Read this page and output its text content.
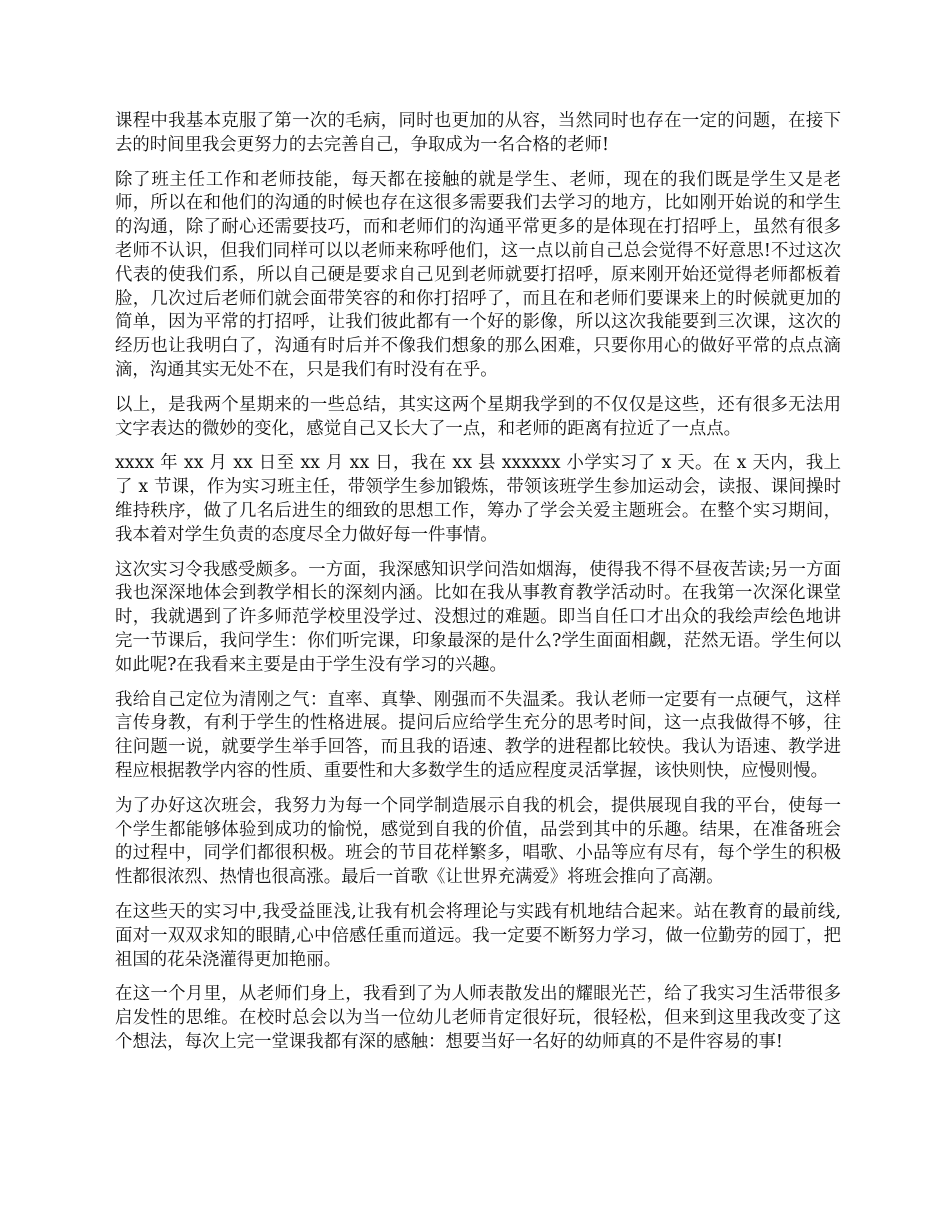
课程中我基本克服了第一次的毛病，同时也更加的从容，当然同时也存在一定的问题，在接下去的时间里我会更努力的去完善自己，争取成为一名合格的老师!

除了班主任工作和老师技能，每天都在接触的就是学生、老师，现在的我们既是学生又是老师，所以在和他们的沟通的时候也存在这很多需要我们去学习的地方，比如刚开始说的和学生的沟通，除了耐心还需要技巧，而和老师们的沟通平常更多的是体现在打招呼上，虽然有很多老师不认识，但我们同样可以以老师来称呼他们，这一点以前自己总会觉得不好意思!不过这次代表的使我们系，所以自己硬是要求自己见到老师就要打招呼，原来刚开始还觉得老师都板着脸，几次过后老师们就会面带笑容的和你打招呼了，而且在和老师们要课来上的时候就更加的简单，因为平常的打招呼，让我们彼此都有一个好的影像，所以这次我能要到三次课，这次的经历也让我明白了，沟通有时后并不像我们想象的那么困难，只要你用心的做好平常的点点滴滴，沟通其实无处不在，只是我们有时没有在乎。

以上，是我两个星期来的一些总结，其实这两个星期我学到的不仅仅是这些，还有很多无法用文字表达的微妙的变化，感觉自己又长大了一点，和老师的距离有拉近了一点点。

xxxx 年 xx 月 xx 日至 xx 月 xx 日，我在 xx 县 xxxxxx 小学实习了 x 天。在 x 天内，我上了 x 节课，作为实习班主任，带领学生参加锻炼，带领该班学生参加运动会，读报、课间操时维持秩序，做了几名后进生的细致的思想工作，筹办了学会关爱主题班会。在整个实习期间，我本着对学生负责的态度尽全力做好每一件事情。

这次实习令我感受颇多。一方面，我深感知识学问浩如烟海，使得我不得不昼夜苦读;另一方面我也深深地体会到教学相长的深刻内涵。比如在我从事教育教学活动时。在我第一次深化课堂时，我就遇到了许多师范学校里没学过、没想过的难题。即当自任口才出众的我绘声绘色地讲完一节课后，我问学生：你们听完课，印象最深的是什么?学生面面相觑，茫然无语。学生何以如此呢?在我看来主要是由于学生没有学习的兴趣。

我给自己定位为清刚之气：直率、真挚、刚强而不失温柔。我认老师一定要有一点硬气，这样言传身教，有利于学生的性格进展。提问后应给学生充分的思考时间，这一点我做得不够，往往问题一说，就要学生举手回答，而且我的语速、教学的进程都比较快。我认为语速、教学进程应根据教学内容的性质、重要性和大多数学生的适应程度灵活掌握，该快则快，应慢则慢。

为了办好这次班会，我努力为每一个同学制造展示自我的机会，提供展现自我的平台，使每一个学生都能够体验到成功的愉悦，感觉到自我的价值，品尝到其中的乐趣。结果，在准备班会的过程中，同学们都很积极。班会的节目花样繁多，唱歌、小品等应有尽有，每个学生的积极性都很浓烈、热情也很高涨。最后一首歌《让世界充满爱》将班会推向了高潮。

在这些天的实习中,我受益匪浅,让我有机会将理论与实践有机地结合起来。站在教育的最前线,面对一双双求知的眼睛,心中倍感任重而道远。我一定要不断努力学习，做一位勤劳的园丁，把祖国的花朵浇灌得更加艳丽。

在这一个月里，从老师们身上，我看到了为人师表散发出的耀眼光芒，给了我实习生活带很多启发性的思维。在校时总会以为当一位幼儿老师肯定很好玩，很轻松，但来到这里我改变了这个想法，每次上完一堂课我都有深的感触：想要当好一名好的幼师真的不是件容易的事!
